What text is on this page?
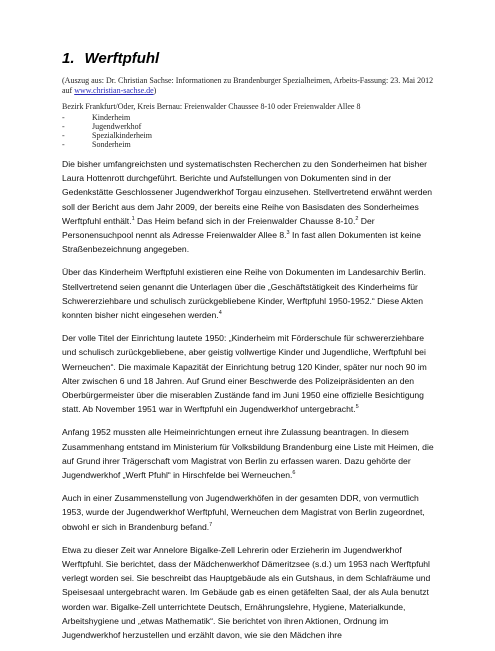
1. Werftpfuhl
(Auszug aus: Dr. Christian Sachse: Informationen zu Brandenburger Spezialheimen, Arbeits-Fassung: 23. Mai 2012
auf www.christian-sachse.de)
Bezirk Frankfurt/Oder, Kreis Bernau: Freienwalder Chaussee 8-10 oder Freienwalder Allee 8
- Kinderheim
- Jugendwerkhof
- Spezialkinderheim
- Sonderheim

Die bisher umfangreichsten und systematischsten Recherchen zu den Sonderheimen hat bisher Laura Hottenrott durchgeführt. Berichte und Aufstellungen von Dokumenten sind in der Gedenkstätte Geschlossener Jugendwerkhof Torgau einzusehen. Stellvertretend erwähnt werden soll der Bericht aus dem Jahr 2009, der bereits eine Reihe von Basisdaten des Sonderheimes Werftpfuhl enthält.$^1$ Das Heim befand sich in der Freienwalder Chausse 8-10.$^2$ Der Personensuchpool nennt als Adresse Freienwalder Allee 8.$^3$ In fast allen Dokumenten ist keine Straßenbezeichnung angegeben.

Über das Kinderheim Werftpfuhl existieren eine Reihe von Dokumenten im Landesarchiv Berlin. Stellvertretend seien genannt die Unterlagen über die „Geschäftstätigkeit des Kinderheims für Schwererziehbare und schulisch zurückgebliebene Kinder, Werftpfuhl 1950-1952.“ Diese Akten konnten bisher nicht eingesehen werden.$^4$

Der volle Titel der Einrichtung lautete 1950: „Kinderheim mit Förderschule für schwererziehbare und schulisch zurückgebliebene, aber geistig vollwertige Kinder und Jugendliche, Werftpfuhl bei Werneuchen“. Die maximale Kapazität der Einrichtung betrug 120 Kinder, später nur noch 90 im Alter zwischen 6 und 18 Jahren. Auf Grund einer Beschwerde des Polizeipräsidenten an den Oberbürgermeister über die miserablen Zustände fand im Juni 1950 eine offizielle Besichtigung statt. Ab November 1951 war in Werftpfuhl ein Jugendwerkhof untergebracht.$^5$

Anfang 1952 mussten alle Heimeinrichtungen erneut ihre Zulassung beantragen. In diesem Zusammenhang entstand im Ministerium für Volksbildung Brandenburg eine Liste mit Heimen, die auf Grund ihrer Trägerschaft vom Magistrat von Berlin zu erfassen waren. Dazu gehörte der Jugendwerkhof „Werft Pfuhl“ in Hirschfelde bei Werneuchen.$^6$

Auch in einer Zusammenstellung von Jugendwerkhöfen in der gesamten DDR, von vermutlich 1953, wurde der Jugendwerkhof Werftpfuhl, Werneuchen dem Magistrat von Berlin zugeordnet, obwohl er sich in Brandenburg befand.$^7$

Etwa zu dieser Zeit war Annelore Bigalke-Zell Lehrerin oder Erzieherin im Jugendwerkhof Werftpfuhl. Sie berichtet, dass der Mädchenwerkhof Dämeritzsee (s.d.) um 1953 nach Werftpfuhl verlegt worden sei. Sie beschreibt das Hauptgebäude als ein Gutshaus, in dem Schlafräume und Speisesaal untergebracht waren. Im Gebäude gab es einen getäfelten Saal, der als Aula benutzt worden war. Bigalke-Zell unterrichtete Deutsch, Ernährungslehre, Hygiene, Materialkunde, Arbeitshygiene und „etwas Mathematik“. Sie berichtet von ihren Aktionen, Ordnung im Jugendwerkhof herzustellen und erzählt davon, wie sie den Mädchen ihre
